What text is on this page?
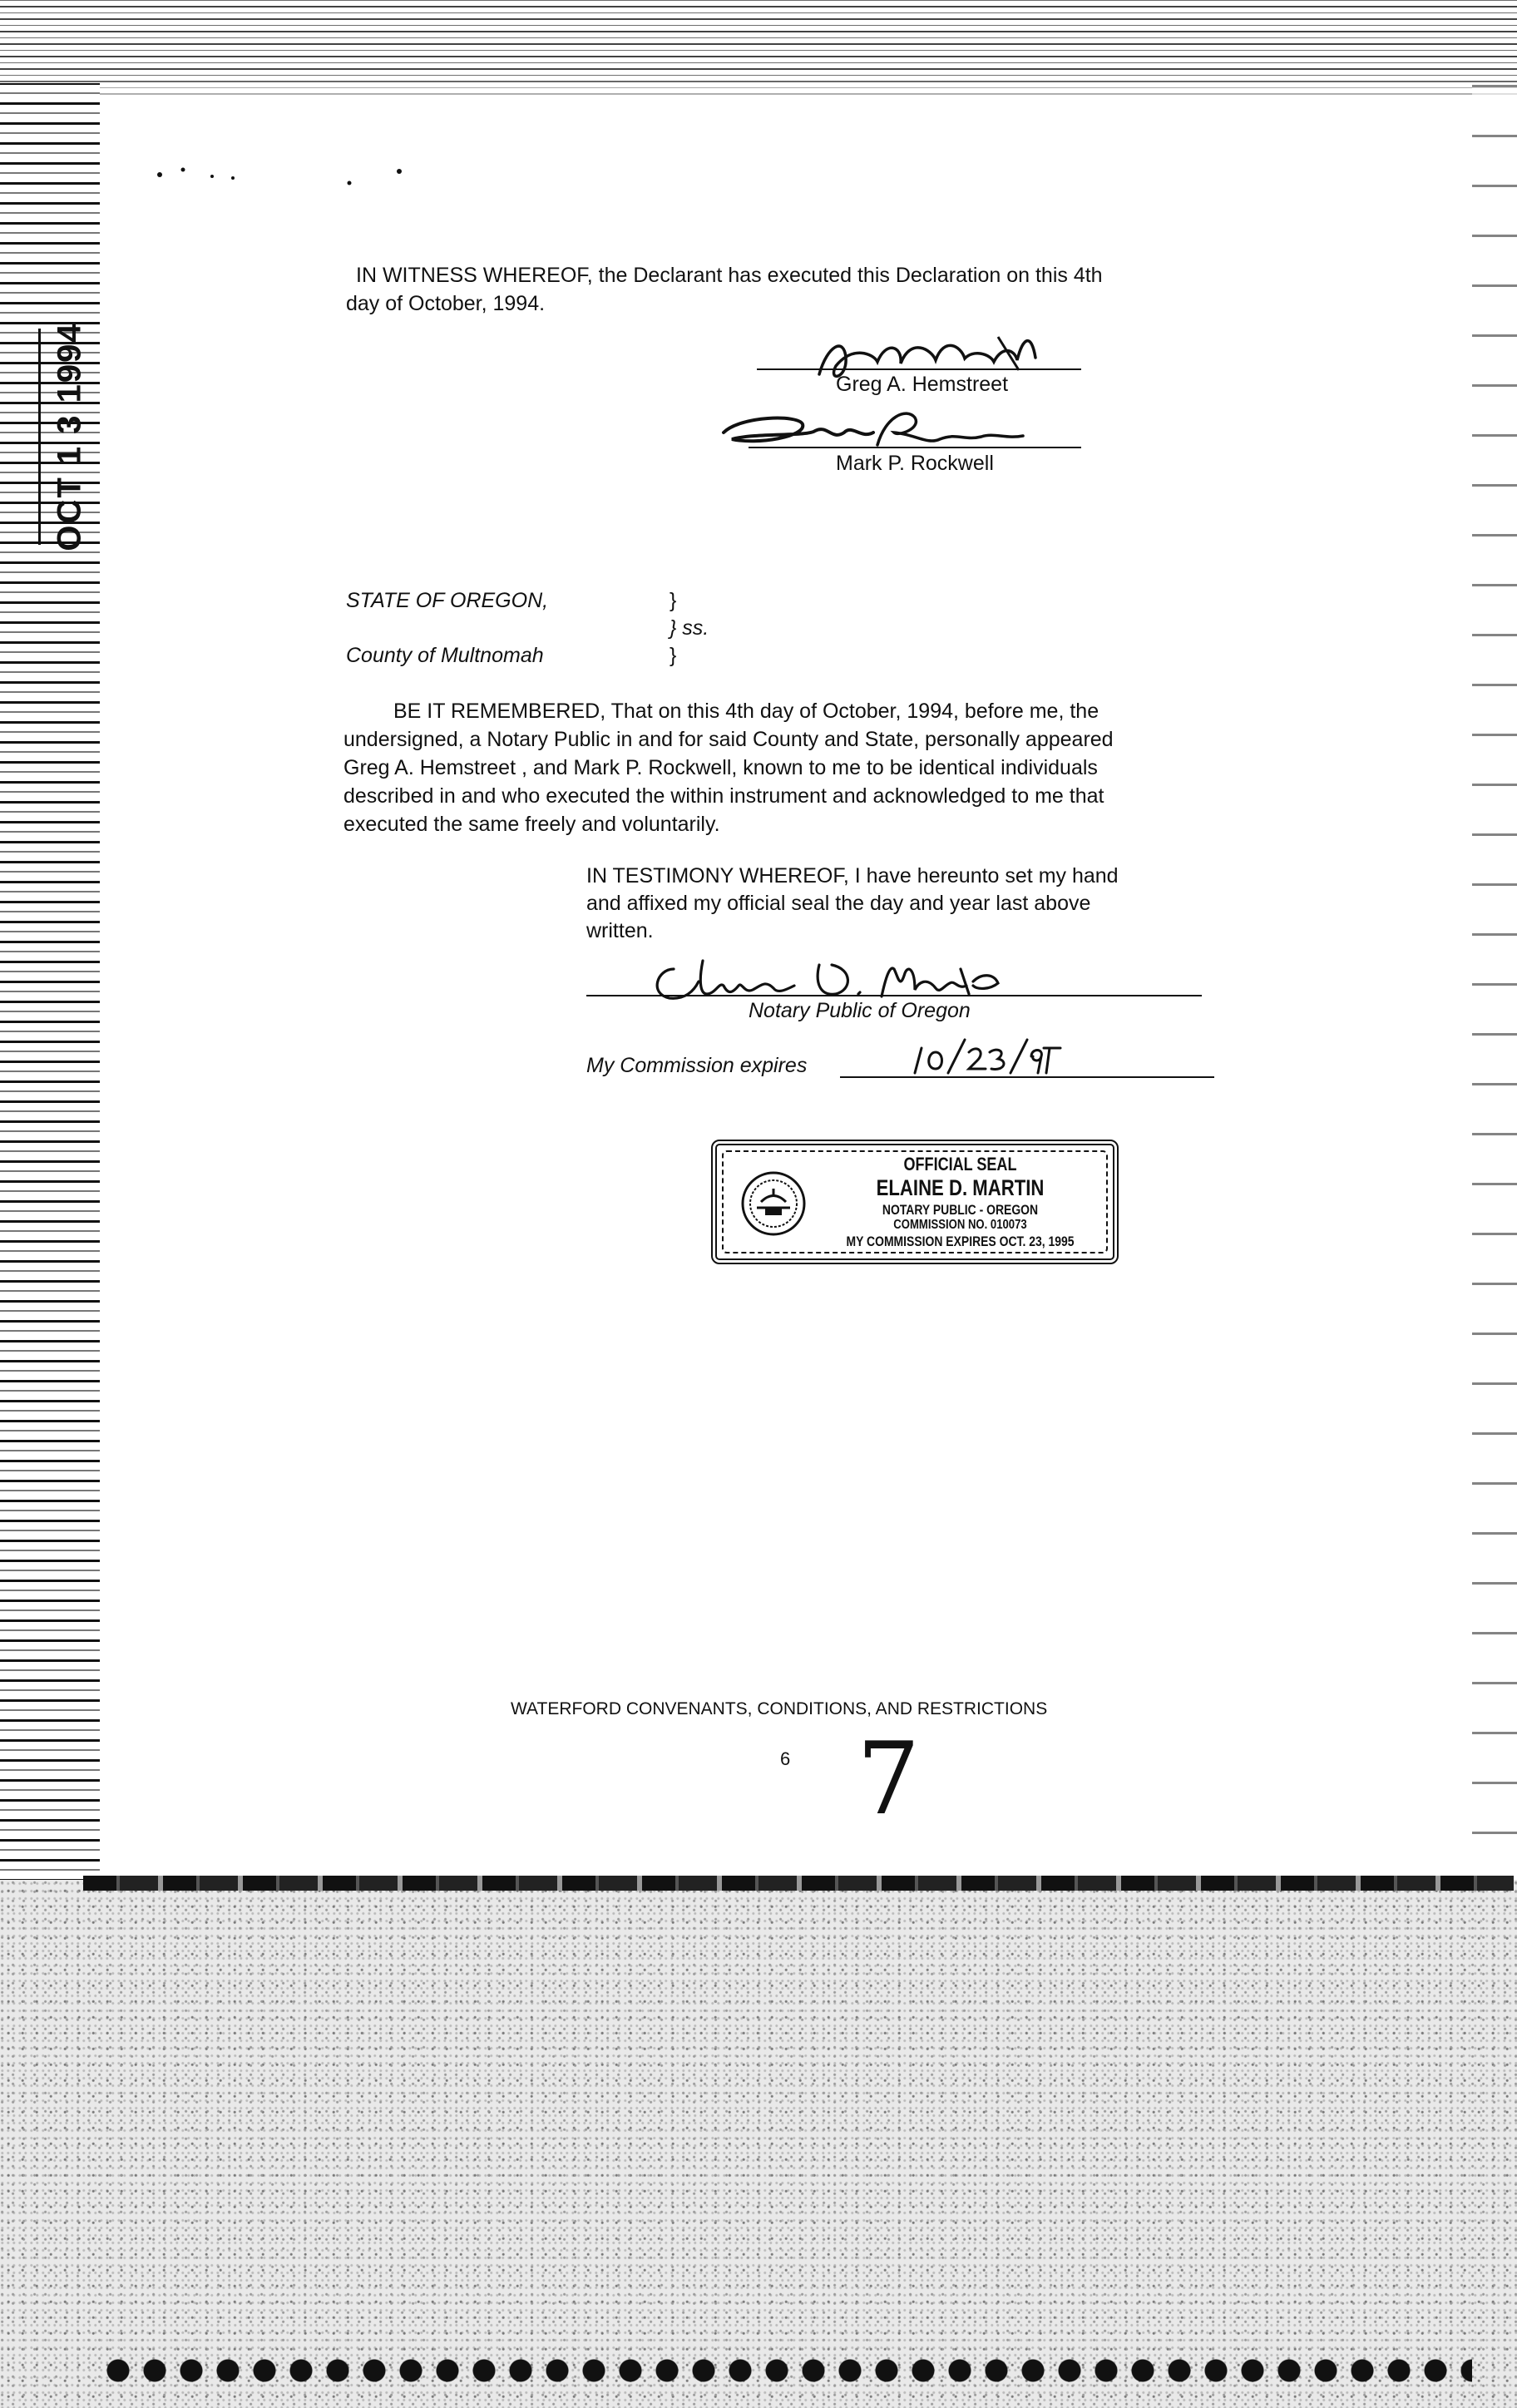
OCT 1 3 1994
IN WITNESS WHEREOF, the Declarant has executed this Declaration on this 4th
day of October, 1994.
Greg A. Hemstreet
Mark P. Rockwell
STATE OF OREGON,	}
} ss.
County of Multnomah	}
BE IT REMEMBERED, That on this 4th day of October, 1994, before me, the
undersigned, a Notary Public in and for said County and State, personally appeared
Greg A. Hemstreet , and Mark P. Rockwell, known to me to be identical individuals
described in and who executed the within instrument and acknowledged to me that
executed the same freely and voluntarily.
IN TESTIMONY WHEREOF, I have hereunto set my hand
and affixed my official seal the day and year last above
written.
Notary Public of Oregon
My Commission expires
OFFICIAL SEAL
ELAINE D. MARTIN
NOTARY PUBLIC - OREGON
COMMISSION NO. 010073
MY COMMISSION EXPIRES OCT. 23, 1995
WATERFORD CONVENANTS, CONDITIONS, AND RESTRICTIONS
6 7
